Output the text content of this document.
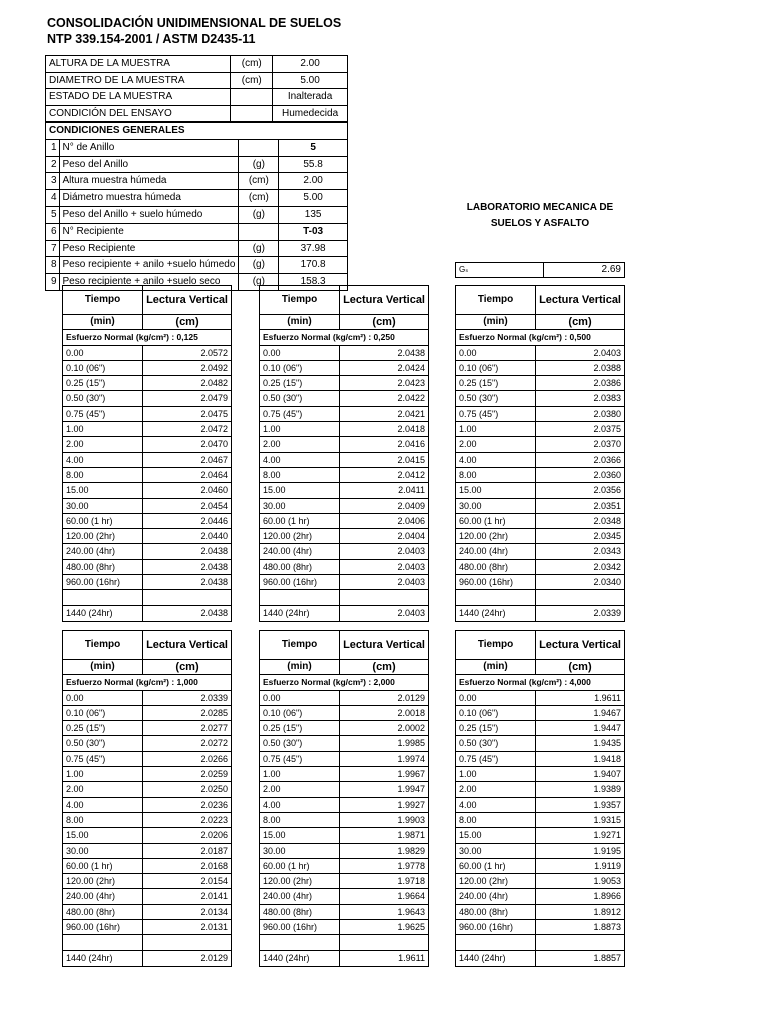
CONSOLIDACIÓN UNIDIMENSIONAL DE SUELOS
NTP 339.154-2001 / ASTM D2435-11
ALTURA DE LA MUESTRA	(cm)	2.00
DIAMETRO DE LA MUESTRA	(cm)	5.00
ESTADO DE LA MUESTRA		Inalterada
CONDICIÓN DEL ENSAYO		Humedecida
CONDICIONES GENERALES			
1	N° de Anillo		5
2	Peso del Anillo	(g)	55.8
3	Altura muestra húmeda	(cm)	2.00
4	Diámetro muestra húmeda	(cm)	5.00
5	Peso del Anillo + suelo húmedo	(g)	135
6	N° Recipiente		T-03
7	Peso Recipiente	(g)	37.98
8	Peso recipiente + anilo +suelo húmedo	(g)	170.8
9	Peso recipiente + anilo +suelo seco	(g)	158.3
LABORATORIO MECANICA DE
SUELOS Y ASFALTO
Gₛ	2.69
Tiempo	Lectura Vertical
(min)	(cm)
Esfuerzo Normal (kg/cm²) : 0,125	
0.00	2.0572
0.10 (06")	2.0492
0.25 (15")	2.0482
0.50 (30")	2.0479
0.75 (45")	2.0475
1.00	2.0472
2.00	2.0470
4.00	2.0467
8.00	2.0464
15.00	2.0460
30.00	2.0454
60.00 (1 hr)	2.0446
120.00 (2hr)	2.0440
240.00 (4hr)	2.0438
480.00 (8hr)	2.0438
960.00 (16hr)	2.0438

1440 (24hr)	2.0438
Tiempo	Lectura Vertical
(min)	(cm)
Esfuerzo Normal (kg/cm²) : 0,250	
0.00	2.0438
0.10 (06")	2.0424
0.25 (15")	2.0423
0.50 (30")	2.0422
0.75 (45")	2.0421
1.00	2.0418
2.00	2.0416
4.00	2.0415
8.00	2.0412
15.00	2.0411
30.00	2.0409
60.00 (1 hr)	2.0406
120.00 (2hr)	2.0404
240.00 (4hr)	2.0403
480.00 (8hr)	2.0403
960.00 (16hr)	2.0403

1440 (24hr)	2.0403
Tiempo	Lectura Vertical
(min)	(cm)
Esfuerzo Normal (kg/cm²) : 0,500	
0.00	2.0403
0.10 (06")	2.0388
0.25 (15")	2.0386
0.50 (30")	2.0383
0.75 (45")	2.0380
1.00	2.0375
2.00	2.0370
4.00	2.0366
8.00	2.0360
15.00	2.0356
30.00	2.0351
60.00 (1 hr)	2.0348
120.00 (2hr)	2.0345
240.00 (4hr)	2.0343
480.00 (8hr)	2.0342
960.00 (16hr)	2.0340

1440 (24hr)	2.0339
Tiempo	Lectura Vertical
(min)	(cm)
Esfuerzo Normal (kg/cm²) : 1,000	
0.00	2.0339
0.10 (06")	2.0285
0.25 (15")	2.0277
0.50 (30")	2.0272
0.75 (45")	2.0266
1.00	2.0259
2.00	2.0250
4.00	2.0236
8.00	2.0223
15.00	2.0206
30.00	2.0187
60.00 (1 hr)	2.0168
120.00 (2hr)	2.0154
240.00 (4hr)	2.0141
480.00 (8hr)	2.0134
960.00 (16hr)	2.0131

1440 (24hr)	2.0129
Tiempo	Lectura Vertical
(min)	(cm)
Esfuerzo Normal (kg/cm²) : 2,000	
0.00	2.0129
0.10 (06")	2.0018
0.25 (15")	2.0002
0.50 (30")	1.9985
0.75 (45")	1.9974
1.00	1.9967
2.00	1.9947
4.00	1.9927
8.00	1.9903
15.00	1.9871
30.00	1.9829
60.00 (1 hr)	1.9778
120.00 (2hr)	1.9718
240.00 (4hr)	1.9664
480.00 (8hr)	1.9643
960.00 (16hr)	1.9625

1440 (24hr)	1.9611
Tiempo	Lectura Vertical
(min)	(cm)
Esfuerzo Normal (kg/cm²) : 4,000	
0.00	1.9611
0.10 (06")	1.9467
0.25 (15")	1.9447
0.50 (30")	1.9435
0.75 (45")	1.9418
1.00	1.9407
2.00	1.9389
4.00	1.9357
8.00	1.9315
15.00	1.9271
30.00	1.9195
60.00 (1 hr)	1.9119
120.00 (2hr)	1.9053
240.00 (4hr)	1.8966
480.00 (8hr)	1.8912
960.00 (16hr)	1.8873

1440 (24hr)	1.8857
